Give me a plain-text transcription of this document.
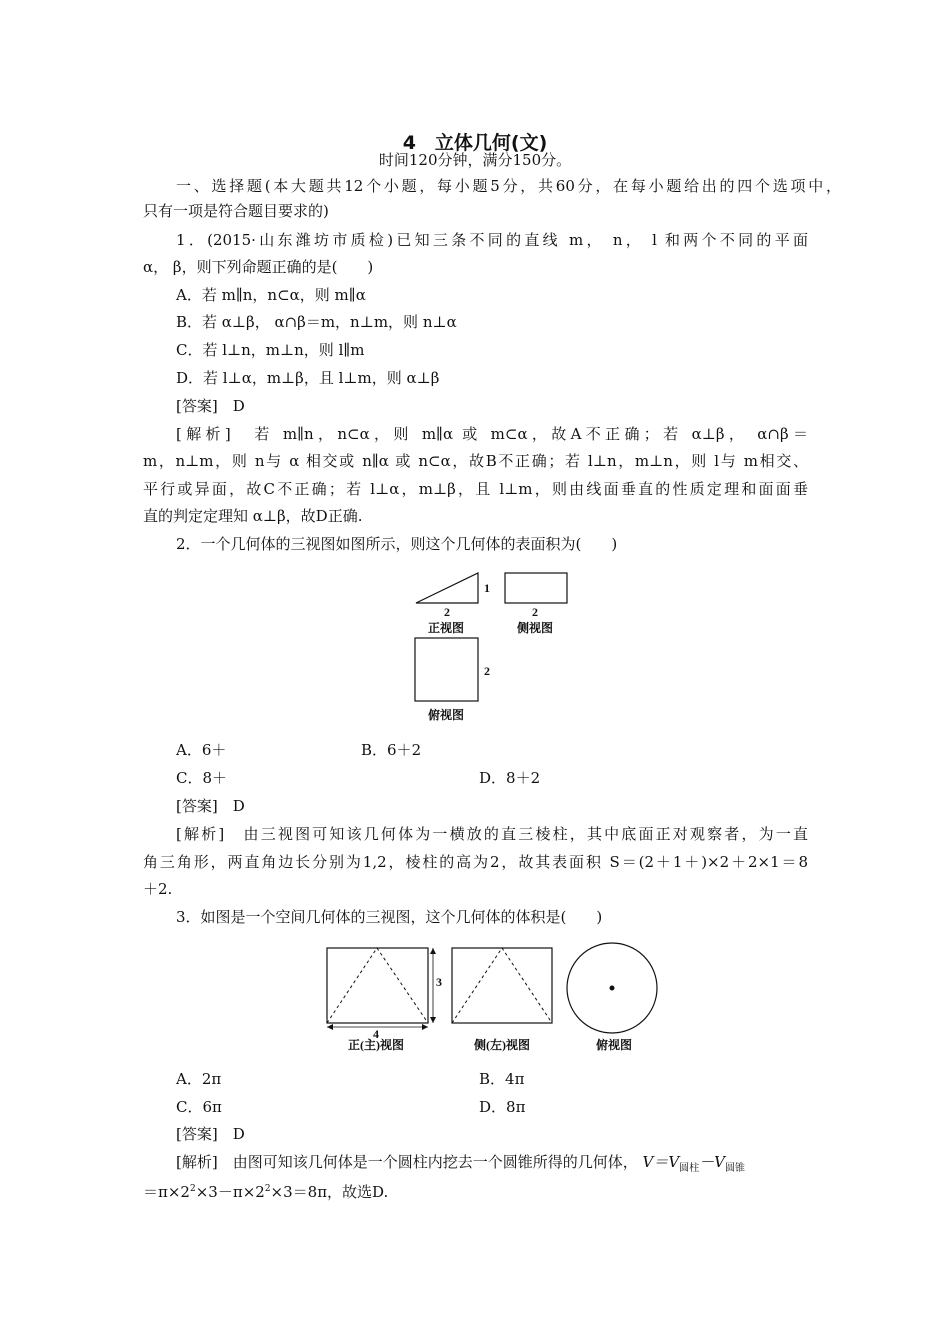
4　立体几何(文)
时间120分钟，满分150分。
一、选择题(本大题共12个小题，每小题5分，共60分，在每小题给出的四个选项中，
只有一项是符合题目要求的)
1．(2015·山东潍坊市质检)已知三条不同的直线 m， n， l 和两个不同的平面
α， β，则下列命题正确的是(　　)
A．若 m∥n，n⊂α，则 m∥α
B．若 α⊥β， α∩β＝m，n⊥m，则 n⊥α
C．若 l⊥n，m⊥n，则 l∥m
D．若 l⊥α，m⊥β，且 l⊥m，则 α⊥β
[答案]　D
[解析]　若 m∥n，n⊂α，则 m∥α 或 m⊂α，故A不正确；若 α⊥β， α∩β＝
m，n⊥m，则 n与 α 相交或 n∥α 或 n⊂α，故B不正确；若 l⊥n，m⊥n，则 l与 m相交、
平行或异面，故C不正确；若 l⊥α，m⊥β，且 l⊥m，则由线面垂直的性质定理和面面垂
直的判定定理知 α⊥β，故D正确.
2．一个几何体的三视图如图所示，则这个几何体的表面积为(　　)
1
2
正视图
2
侧视图
2
俯视图
A．6＋	B．6＋2
C．8＋	D．8＋2
[答案]　D
[解析]　由三视图可知该几何体为一横放的直三棱柱，其中底面正对观察者，为一直
角三角形，两直角边长分别为1,2，棱柱的高为2，故其表面积 S＝(2＋1＋)×2＋2×1＝8
＋2.
3．如图是一个空间几何体的三视图，这个几何体的体积是(　　)
3
4
正(主)视图	侧(左)视图	俯视图
A．2π	B．4π
C．6π	D．8π
[答案]　D
[解析]　由图可知该几何体是一个圆柱内挖去一个圆锥所得的几何体， $V=V_{圆柱}-V_{圆锥}$
$=\pi\times 2^2\times 3-\pi\times 2^2\times 3=8\pi$，故选D.
